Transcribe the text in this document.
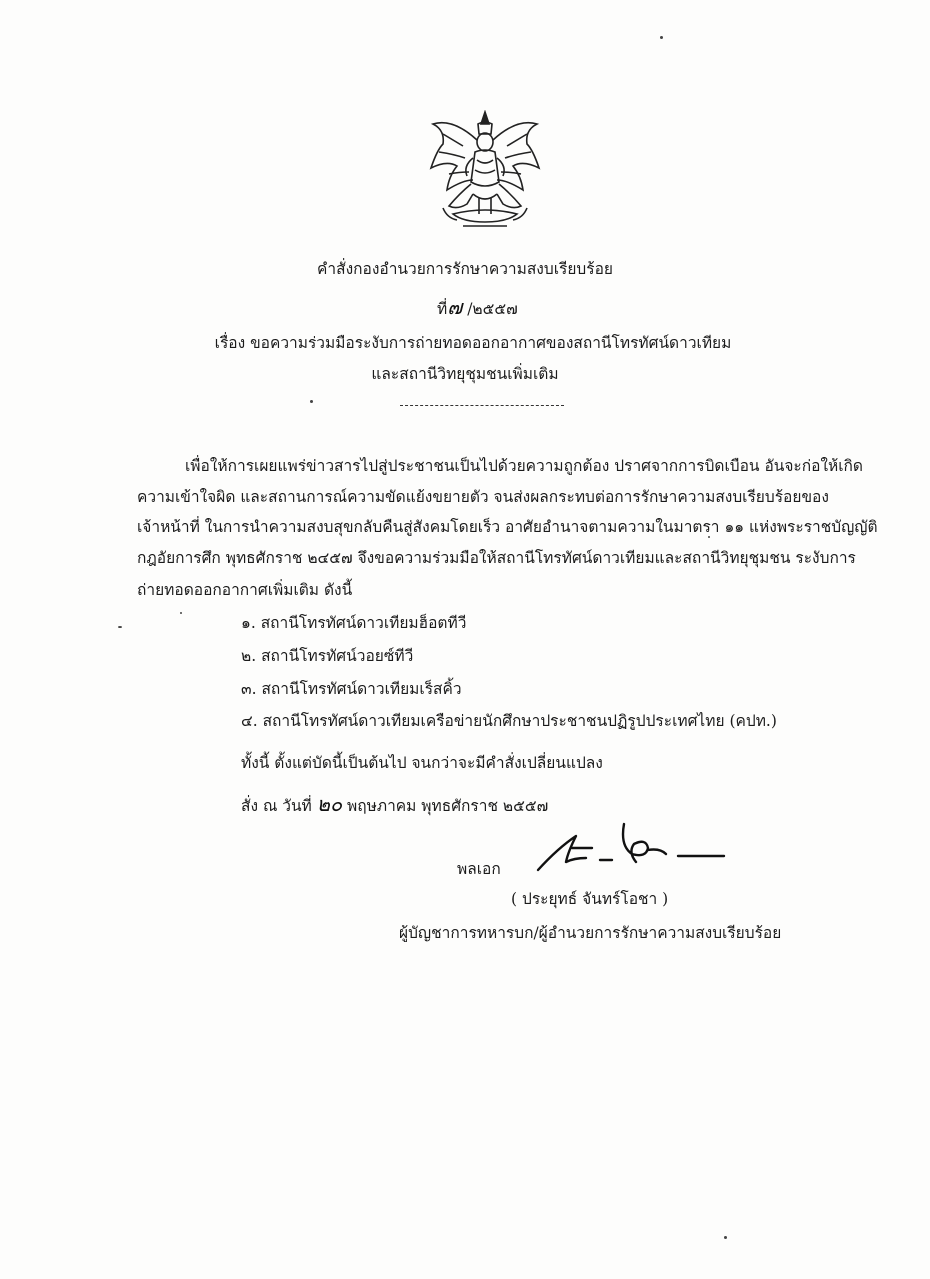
คำสั่งกองอำนวยการรักษาความสงบเรียบร้อย
ที่๗ /๒๕๕๗
เรื่อง ขอความร่วมมือระงับการถ่ายทอดออกอากาศของสถานีโทรทัศน์ดาวเทียม
และสถานีวิทยุชุมชนเพิ่มเติม
เพื่อให้การเผยแพร่ข่าวสารไปสู่ประชาชนเป็นไปด้วยความถูกต้อง ปราศจากการบิดเบือน อันจะก่อให้เกิด
ความเข้าใจผิด และสถานการณ์ความขัดแย้งขยายตัว จนส่งผลกระทบต่อการรักษาความสงบเรียบร้อยของ
เจ้าหน้าที่ ในการนำความสงบสุขกลับคืนสู่สังคมโดยเร็ว อาศัยอำนาจตามความในมาตรา ๑๑ แห่งพระราชบัญญัติ
กฎอัยการศึก พุทธศักราช ๒๔๕๗ จึงขอความร่วมมือให้สถานีโทรทัศน์ดาวเทียมและสถานีวิทยุชุมชน ระงับการ
ถ่ายทอดออกอากาศเพิ่มเติม ดังนี้
๑. สถานีโทรทัศน์ดาวเทียมฮ็อตทีวี
๒. สถานีโทรทัศน์วอยซ์ทีวี
๓. สถานีโทรทัศน์ดาวเทียมเร็สคิ้ว
๔. สถานีโทรทัศน์ดาวเทียมเครือข่ายนักศึกษาประชาชนปฏิรูปประเทศไทย (คปท.)
ทั้งนี้ ตั้งแต่บัดนี้เป็นต้นไป จนกว่าจะมีคำสั่งเปลี่ยนแปลง
สั่ง ณ วันที่ ๒๐ พฤษภาคม พุทธศักราช ๒๕๕๗
พลเอก
( ประยุทธ์ จันทร์โอชา )
ผู้บัญชาการทหารบก/ผู้อำนวยการรักษาความสงบเรียบร้อย
